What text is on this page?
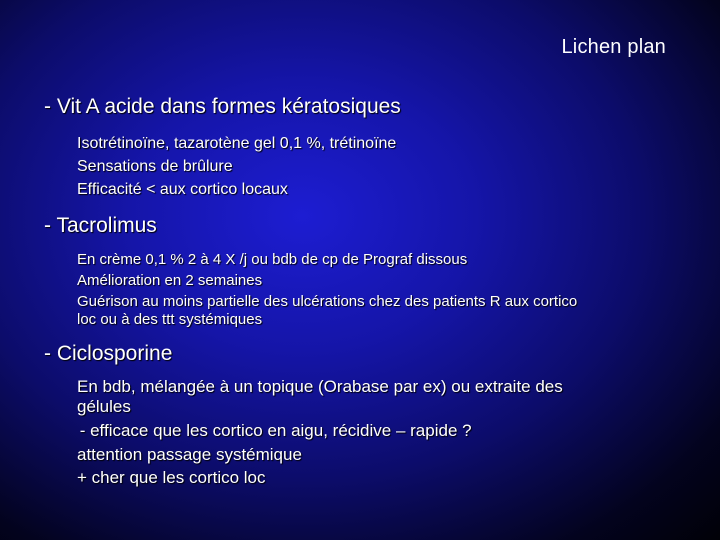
Lichen plan
- Vit A acide dans formes kératosiques
Isotrétinoïne, tazarotène gel 0,1 %, trétinoïne
Sensations de brûlure
Efficacité < aux cortico locaux
- Tacrolimus
En crème 0,1 % 2 à 4 X /j ou bdb de cp de Prograf dissous
Amélioration en 2 semaines
Guérison au moins partielle des ulcérations chez des patients R aux cortico
loc ou à des ttt systémiques
- Ciclosporine
En bdb, mélangée à un topique (Orabase par ex) ou extraite des
gélules
- efficace que les cortico en aigu, récidive – rapide ?
attention passage systémique
+ cher que les cortico loc
